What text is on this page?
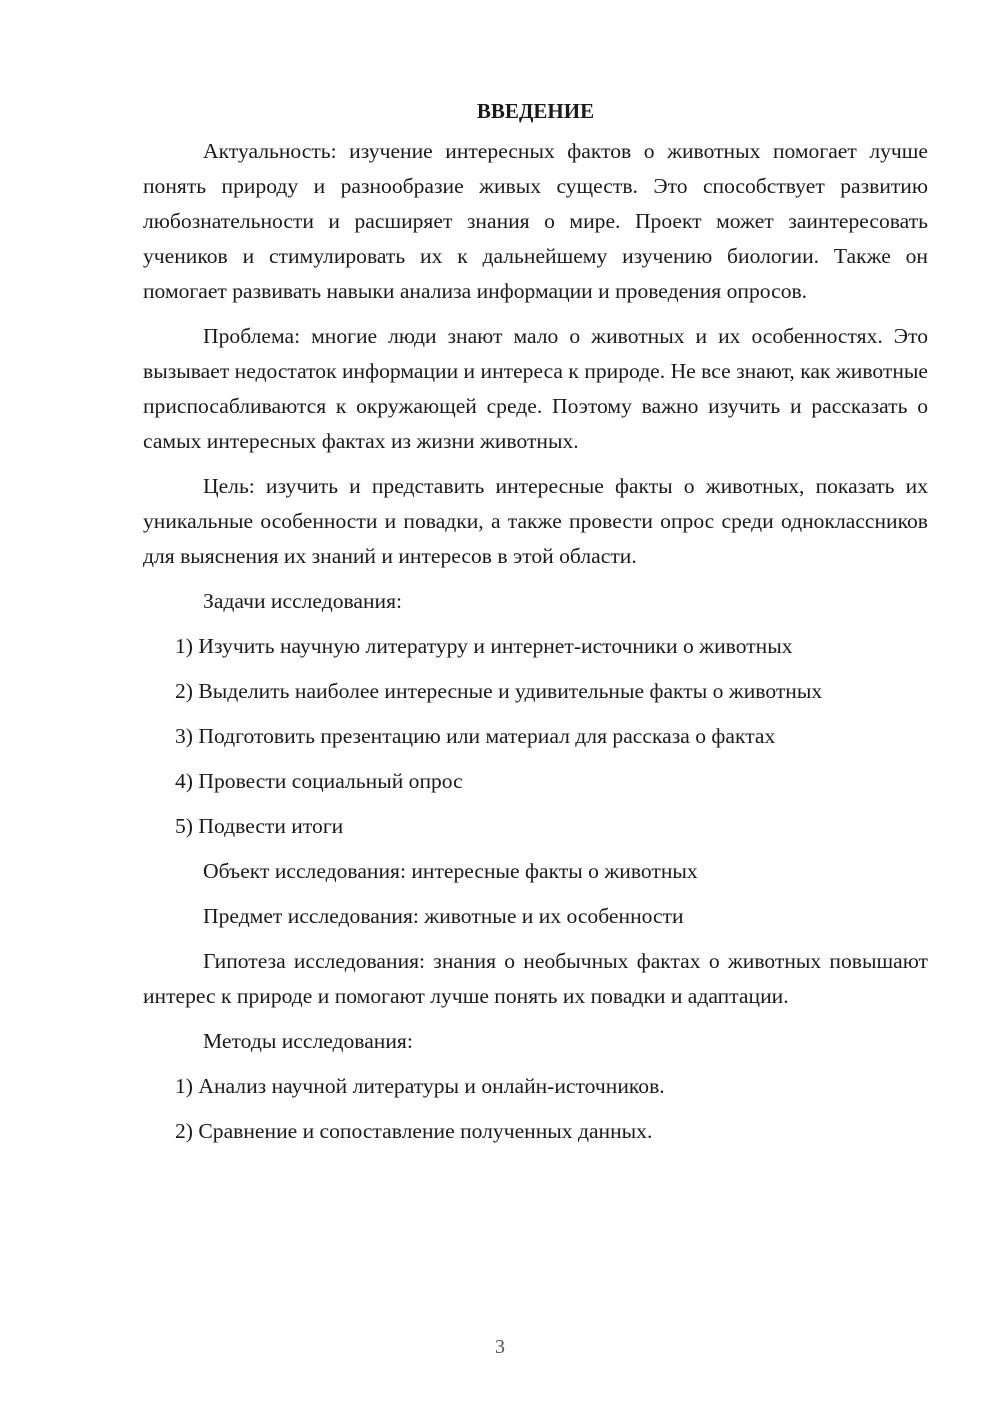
ВВЕДЕНИЕ

Актуальность: изучение интересных фактов о животных помогает лучше понять природу и разнообразие живых существ. Это способствует развитию любознательности и расширяет знания о мире. Проект может заинтересовать учеников и стимулировать их к дальнейшему изучению биологии. Также он помогает развивать навыки анализа информации и проведения опросов.

Проблема: многие люди знают мало о животных и их особенностях. Это вызывает недостаток информации и интереса к природе. Не все знают, как животные приспосабливаются к окружающей среде. Поэтому важно изучить и рассказать о самых интересных фактах из жизни животных.

Цель: изучить и представить интересные факты о животных, показать их уникальные особенности и повадки, а также провести опрос среди одноклассников для выяснения их знаний и интересов в этой области.

Задачи исследования:
1) Изучить научную литературу и интернет-источники о животных
2) Выделить наиболее интересные и удивительные факты о животных
3) Подготовить презентацию или материал для рассказа о фактах
4) Провести социальный опрос
5) Подвести итоги
Объект исследования: интересные факты о животных
Предмет исследования: животные и их особенности

Гипотеза исследования: знания о необычных фактах о животных повышают интерес к природе и помогают лучше понять их повадки и адаптации.

Методы исследования:
1) Анализ научной литературы и онлайн-источников.
2) Сравнение и сопоставление полученных данных.
3
